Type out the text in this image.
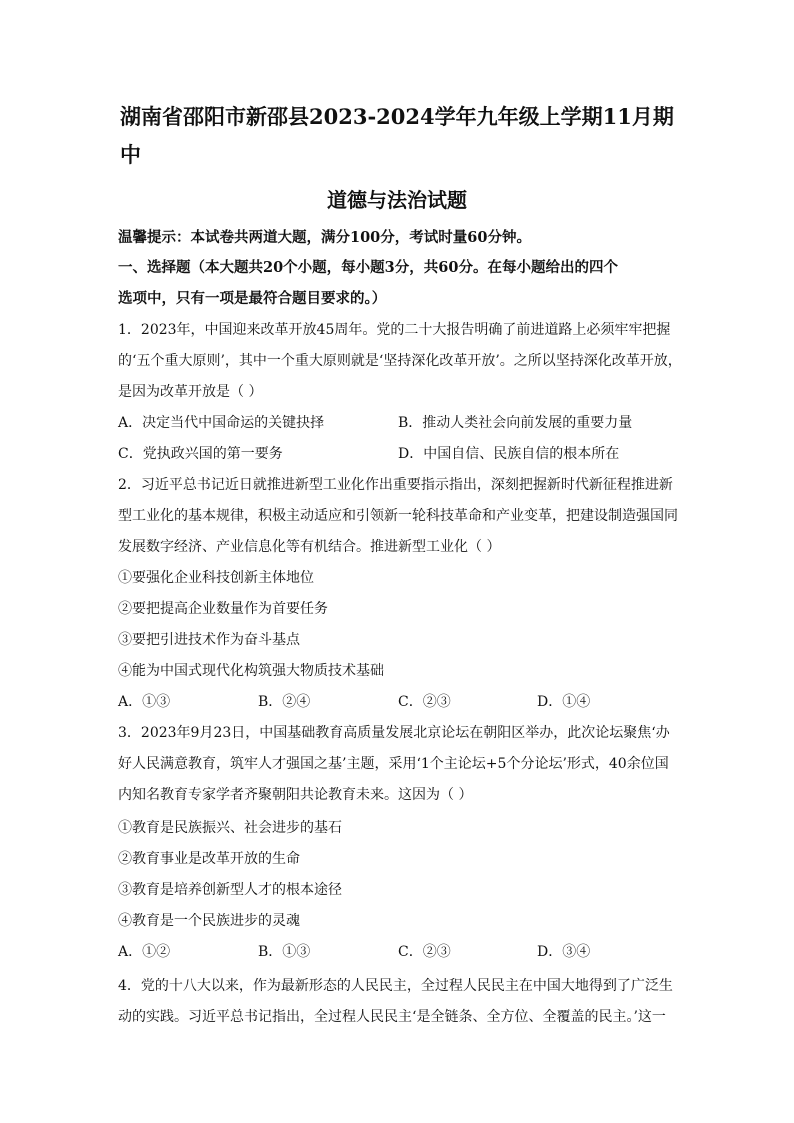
湖南省邵阳市新邵县2023-2024学年九年级上学期11月期中
道德与法治试题
温馨提示：本试卷共两道大题，满分100分，考试时量60分钟。
一、选择题（本大题共20个小题，每小题3分，共60分。在每小题给出的四个
选项中，只有一项是最符合题目要求的。）
1．2023年，中国迎来改革开放45周年。党的二十大报告明确了前进道路上必须牢牢把握
的‘五个重大原则’，其中一个重大原则就是‘坚持深化改革开放’。之所以坚持深化改革开放，
是因为改革开放是（ ）
A．决定当代中国命运的关键抉择	B．推动人类社会向前发展的重要力量
C．党执政兴国的第一要务	D．中国自信、民族自信的根本所在
2．习近平总书记近日就推进新型工业化作出重要指示指出，深刻把握新时代新征程推进新
型工业化的基本规律，积极主动适应和引领新一轮科技革命和产业变革，把建设制造强国同
发展数字经济、产业信息化等有机结合。推进新型工业化（ ）
①要强化企业科技创新主体地位
②要把提高企业数量作为首要任务
③要把引进技术作为奋斗基点
④能为中国式现代化构筑强大物质技术基础
A．①③	B．②④	C．②③	D．①④
3．2023年9月23日，中国基础教育高质量发展北京论坛在朝阳区举办，此次论坛聚焦‘办
好人民满意教育，筑牢人才强国之基’主题，采用‘1个主论坛+5个分论坛’形式，40余位国
内知名教育专家学者齐聚朝阳共论教育未来。这因为（ ）
①教育是民族振兴、社会进步的基石
②教育事业是改革开放的生命
③教育是培养创新型人才的根本途径
④教育是一个民族进步的灵魂
A．①②	B．①③	C．②③	D．③④
4．党的十八大以来，作为最新形态的人民民主，全过程人民民主在中国大地得到了广泛生
动的实践。习近平总书记指出，全过程人民民主‘是全链条、全方位、全覆盖的民主。’这一
